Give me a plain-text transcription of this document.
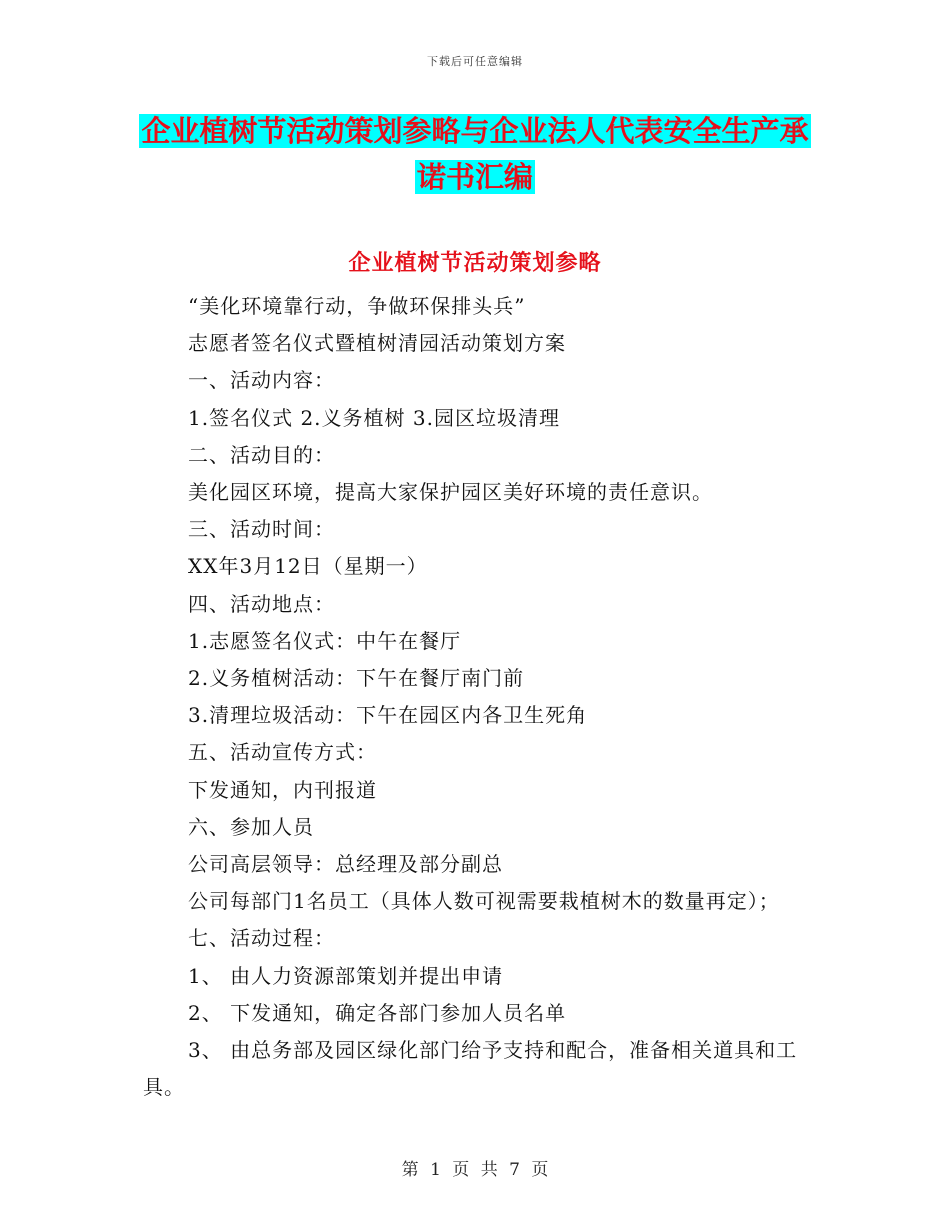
下载后可任意编辑
企业植树节活动策划参略与企业法人代表安全生产承
诺书汇编
企业植树节活动策划参略

“美化环境靠行动，争做环保排头兵”

志愿者签名仪式暨植树清园活动策划方案

一、活动内容：

1.签名仪式 2.义务植树 3.园区垃圾清理

二、活动目的：

美化园区环境，提高大家保护园区美好环境的责任意识。

三、活动时间：

XX年3月12日（星期一）

四、活动地点：

1.志愿签名仪式：中午在餐厅

2.义务植树活动：下午在餐厅南门前

3.清理垃圾活动：下午在园区内各卫生死角

五、活动宣传方式：

下发通知，内刊报道

六、参加人员

公司高层领导：总经理及部分副总

公司每部门1名员工（具体人数可视需要栽植树木的数量再定）；

七、活动过程：

1、 由人力资源部策划并提出申请

2、 下发通知，确定各部门参加人员名单

3、 由总务部及园区绿化部门给予支持和配合，准备相关道具和工具。

第 1 页 共 7 页
